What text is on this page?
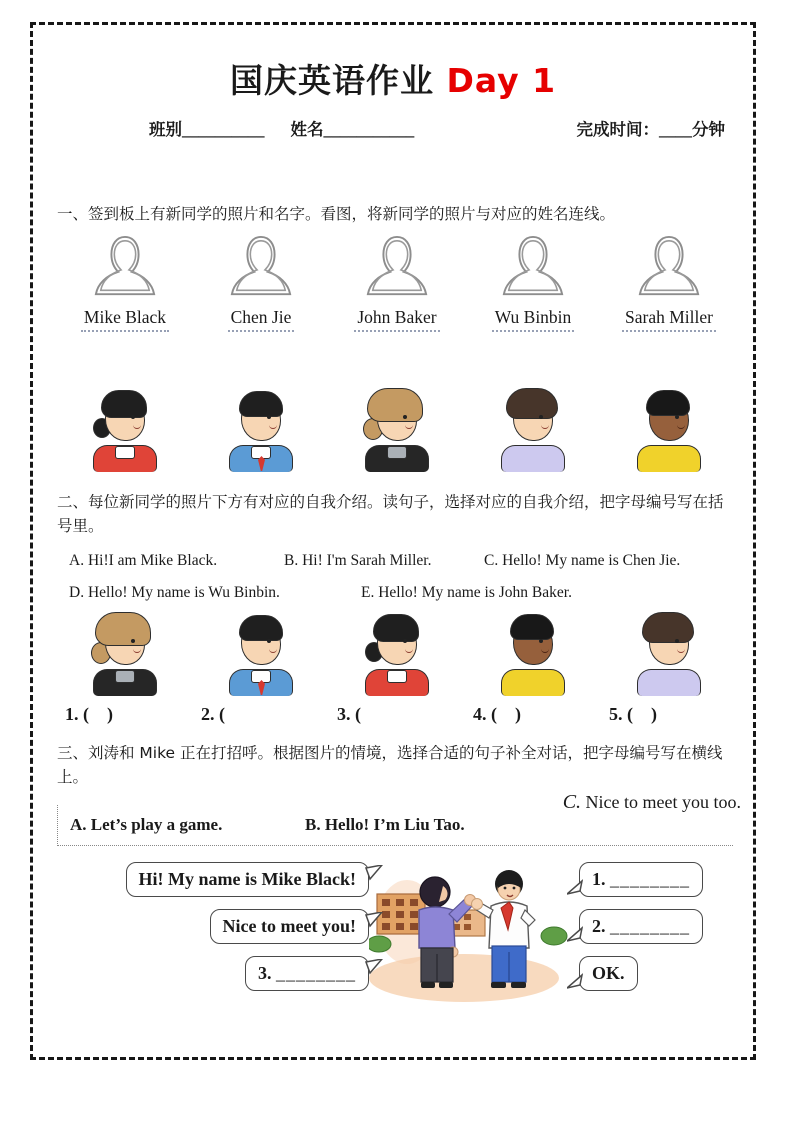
国庆英语作业 Day 1
班别__________ 姓名___________	完成时间：____分钟

一、签到板上有新同学的照片和名字。看图，将新同学的照片与对应的姓名连线。

Mike Black	Chen Jie	John Baker	Wu Binbin	Sarah Miller

二、每位新同学的照片下方有对应的自我介绍。读句子，选择对应的自我介绍，把字母编号写在括号里。

A. Hi!I am Mike Black.	B. Hi! I'm Sarah Miller.	C. Hello! My name is Chen Jie.
D. Hello! My name is Wu Binbin.	E. Hello! My name is John Baker.
1. (    )	2. (	3. (	4. (    )	5. (    )

三、刘涛和 Mike 正在打招呼。根据图片的情境，选择合适的句子补全对话，把字母编号写在横线上。

A. Let’s play a game.	B. Hello! I’m Liu Tao.
C. Nice to meet you too.
Hi! My name is Mike Black!
Nice to meet you!
3. ________
1. ________
2. ________
OK.
